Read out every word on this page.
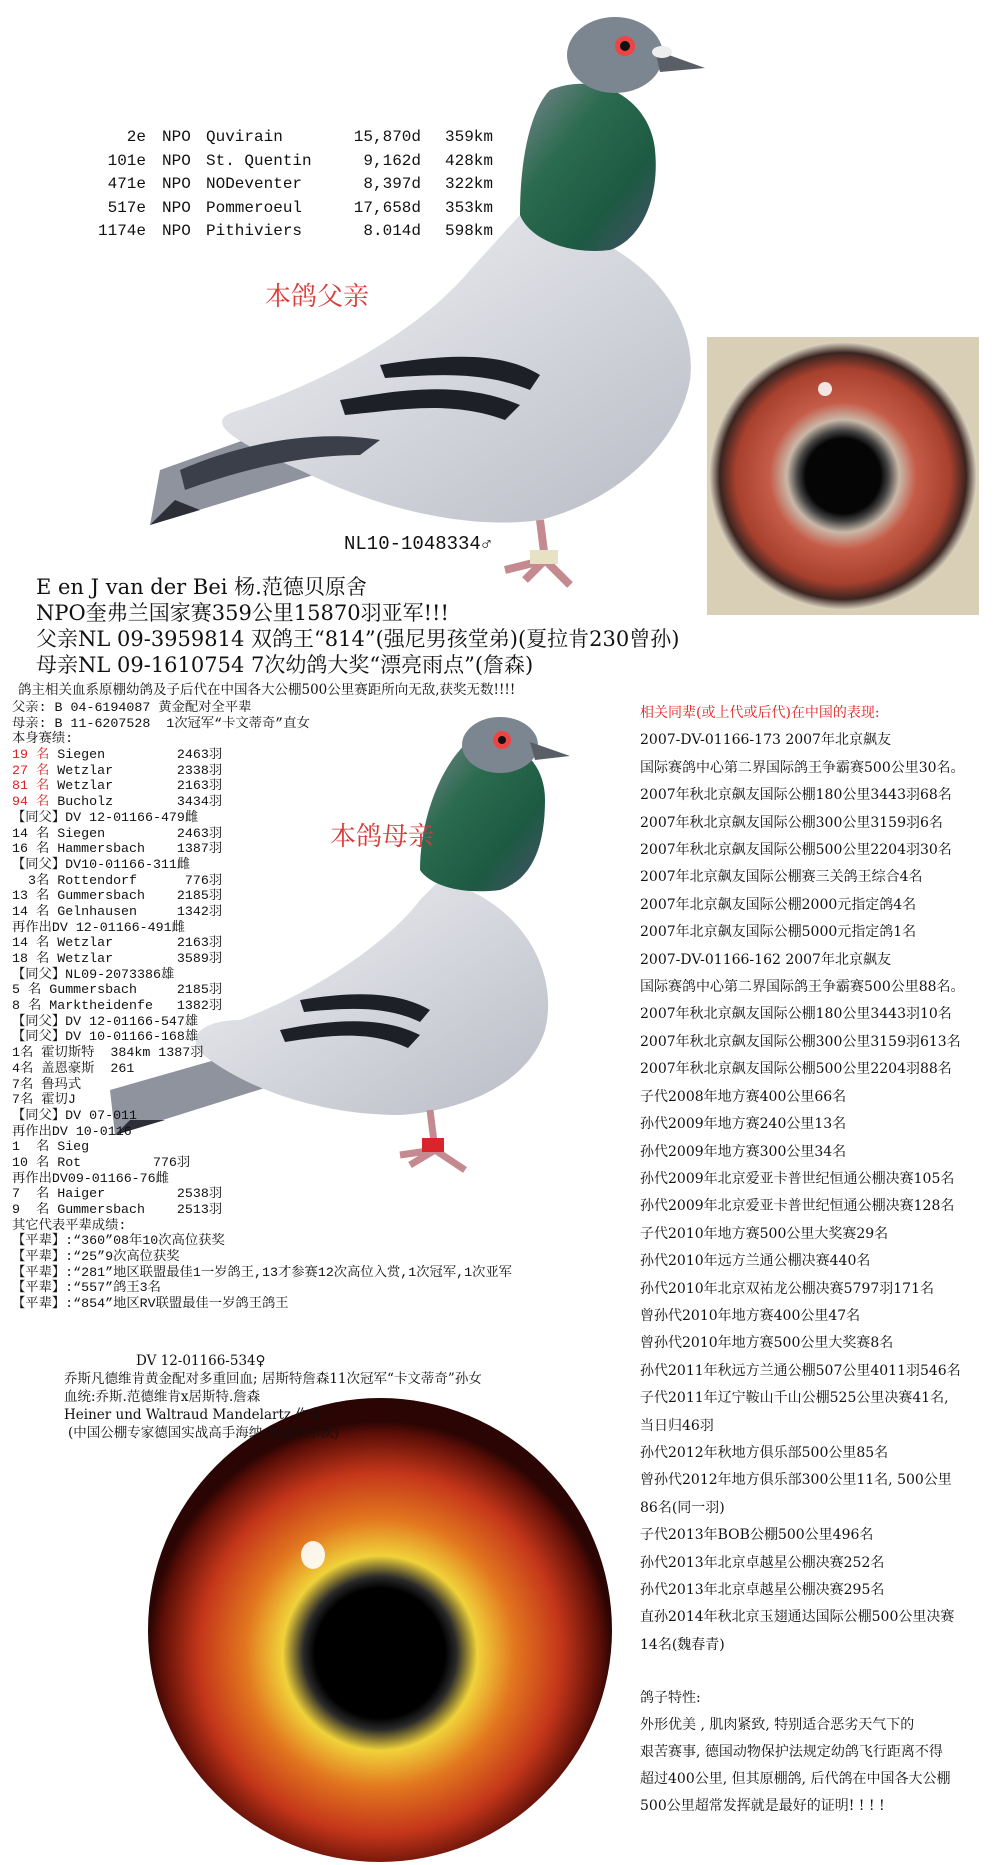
2e NPO Quvirain	15,870d	359km
101e NPO St. Quentin	9,162d	428km
471e NPO NODeventer	8,397d	322km
517e NPO Pommeroeul	17,658d	353km
1174e NPO Pithiviers	8.014d	598km
本鸽父亲
本鸽母亲
NL10-1048334♂
E en J van der Bei 杨.范德贝原舍
NPO奎弗兰国家赛359公里15870羽亚军!!!
父亲NL 09-3959814 双鸽王“814”(强尼男孩堂弟)(夏拉肯230曾孙)
母亲NL 09-1610754 7次幼鸽大奖“漂亮雨点”(詹森)
鸽主相关血系原棚幼鸽及子后代在中国各大公棚500公里赛距所向无敌,获奖无数!!!!
父亲: B 04-6194087 黄金配对全平辈
母亲: B 11-6207528  1次冠军“卡文蒂奇”直女
本身赛绩:
19 名 Siegen         2463羽
27 名 Wetzlar        2338羽
81 名 Wetzlar        2163羽
94 名 Bucholz        3434羽
【同父】DV 12-01166-479雌
14 名 Siegen         2463羽
16 名 Hammersbach    1387羽
【同父】DV10-01166-311雌
3名 Rottendorf      776羽
13 名 Gummersbach    2185羽
14 名 Gelnhausen     1342羽
再作出DV 12-01166-491雌
14 名 Wetzlar        2163羽
18 名 Wetzlar        3589羽
【同父】NL09-2073386雄
5 名 Gummersbach     2185羽
8 名 Marktheidenfe   1382羽
【同父】DV 12-01166-547雄
【同父】DV 10-01166-168雄
1名 霍切斯特  384km 1387羽
4名 盖恩豪斯  261
7名 鲁玛式
7名 霍切J
【同父】DV 07-011
再作出DV 10-0116
1  名 Sieg
10 名 Rot         776羽
再作出DV09-01166-76雌
7  名 Haiger         2538羽
9  名 Gummersbach    2513羽
其它代表平辈成绩:
【平辈】:“360”08年10次高位获奖
【平辈】:“25”9次高位获奖
【平辈】:“281”地区联盟最佳1一岁鸽王,13才参赛12次高位入赏,1次冠军,1次亚军
【平辈】:“557”鸽王3名
【平辈】:“854”地区RV联盟最佳一岁鸽王鸽王
DV 12-01166-534♀
乔斯凡德维肯黄金配对多重回血; 居斯特詹森11次冠军“卡文蒂奇”孙女
血统:乔斯.范德维肯x居斯特.詹森
Heiner und Waltraud Mandelartz 作育
(中国公棚专家德国实战高手海纳.曼德纳尔茨)
相关同辈(或上代或后代)在中国的表现:
2007-DV-01166-173 2007年北京飙友
国际赛鸽中心第二界国际鸽王争霸赛500公里30名。
2007年秋北京飙友国际公棚180公里3443羽68名
2007年秋北京飙友国际公棚300公里3159羽6名
2007年秋北京飙友国际公棚500公里2204羽30名
2007年北京飙友国际公棚赛三关鸽王综合4名
2007年北京飙友国际公棚2000元指定鸽4名
2007年北京飙友国际公棚5000元指定鸽1名
2007-DV-01166-162 2007年北京飙友
国际赛鸽中心第二界国际鸽王争霸赛500公里88名。
2007年秋北京飙友国际公棚180公里3443羽10名
2007年秋北京飙友国际公棚300公里3159羽613名
2007年秋北京飙友国际公棚500公里2204羽88名
子代2008年地方赛400公里66名
孙代2009年地方赛240公里13名
孙代2009年地方赛300公里34名
孙代2009年北京爱亚卡普世纪恒通公棚决赛105名
孙代2009年北京爱亚卡普世纪恒通公棚决赛128名
子代2010年地方赛500公里大奖赛29名
孙代2010年远方兰通公棚决赛440名
孙代2010年北京双祐龙公棚决赛5797羽171名
曾孙代2010年地方赛400公里47名
曾孙代2010年地方赛500公里大奖赛8名
孙代2011年秋远方兰通公棚507公里4011羽546名
子代2011年辽宁鞍山千山公棚525公里决赛41名,
当日归46羽
孙代2012年秋地方俱乐部500公里85名
曾孙代2012年地方俱乐部300公里11名, 500公里
86名(同一羽)
子代2013年BOB公棚500公里496名
孙代2013年北京卓越星公棚决赛252名
孙代2013年北京卓越星公棚决赛295名
直孙2014年秋北京玉翅通达国际公棚500公里决赛
14名(魏春青)
鸽子特性:
外形优美 , 肌肉紧致, 特别适合恶劣天气下的
艰苦赛事, 德国动物保护法规定幼鸽飞行距离不得
超过400公里, 但其原棚鸽, 后代鸽在中国各大公棚
500公里超常发挥就是最好的证明! ! ! !
